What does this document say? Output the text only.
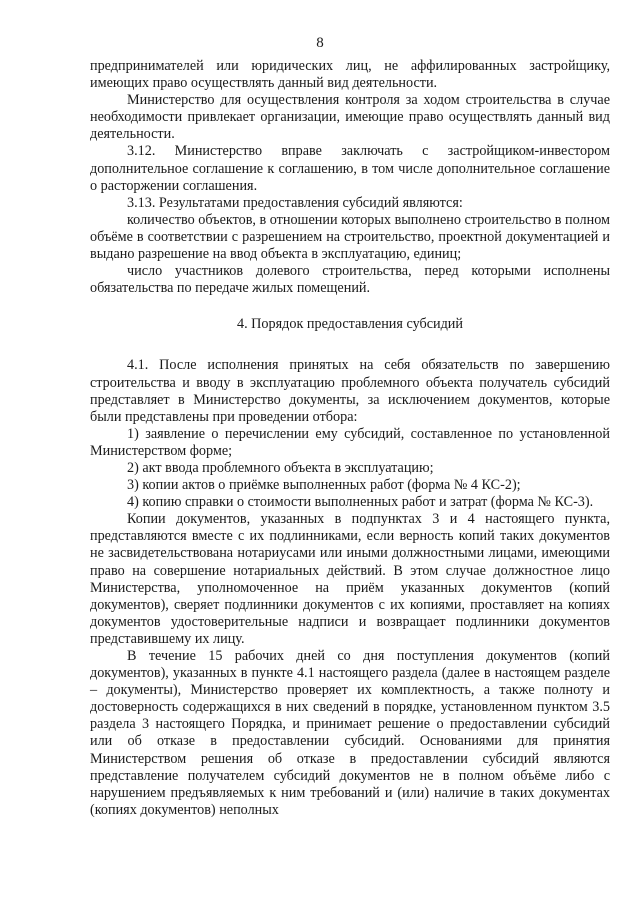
8

предпринимателей или юридических лиц, не аффилированных застройщику, имеющих право осуществлять данный вид деятельности.

Министерство для осуществления контроля за ходом строительства в случае необходимости привлекает организации, имеющие право осуществлять данный вид деятельности.

3.12. Министерство вправе заключать с застройщиком-инвестором дополнительное соглашение к соглашению, в том числе дополнительное соглашение о расторжении соглашения.

3.13. Результатами предоставления субсидий являются:

количество объектов, в отношении которых выполнено строительство в полном объёме в соответствии с разрешением на строительство, проектной документацией и выдано разрешение на ввод объекта в эксплуатацию, единиц;

число участников долевого строительства, перед которыми исполнены обязательства по передаче жилых помещений.

4. Порядок предоставления субсидий

4.1. После исполнения принятых на себя обязательств по завершению строительства и вводу в эксплуатацию проблемного объекта получатель субсидий представляет в Министерство документы, за исключением документов, которые были представлены при проведении отбора:

1) заявление о перечислении ему субсидий, составленное по установленной Министерством форме;

2) акт ввода проблемного объекта в эксплуатацию;

3) копии актов о приёмке выполненных работ (форма № 4 КС-2);

4) копию справки о стоимости выполненных работ и затрат (форма № КС-3).

Копии документов, указанных в подпунктах 3 и 4 настоящего пункта, представляются вместе с их подлинниками, если верность копий таких документов не засвидетельствована нотариусами или иными должностными лицами, имеющими право на совершение нотариальных действий. В этом случае должностное лицо Министерства, уполномоченное на приём указанных документов (копий документов), сверяет подлинники документов с их копиями, проставляет на копиях документов удостоверительные надписи и возвращает подлинники документов представившему их лицу.

В течение 15 рабочих дней со дня поступления документов (копий документов), указанных в пункте 4.1 настоящего раздела (далее в настоящем разделе – документы), Министерство проверяет их комплектность, а также полноту и достоверность содержащихся в них сведений в порядке, установленном пунктом 3.5 раздела 3 настоящего Порядка, и принимает решение о предоставлении субсидий или об отказе в предоставлении субсидий. Основаниями для принятия Министерством решения об отказе в предоставлении субсидий являются представление получателем субсидий документов не в полном объёме либо с нарушением предъявляемых к ним требований и (или) наличие в таких документах (копиях документов) неполных
